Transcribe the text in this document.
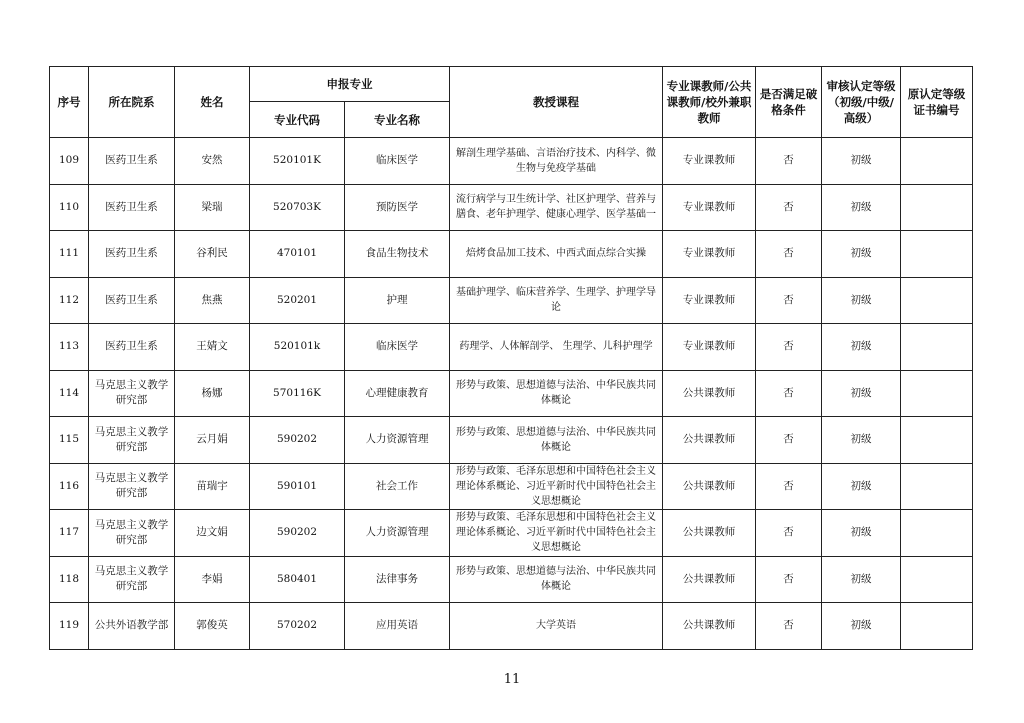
序号	所在院系	姓名	申报专业		教授课程	专业课教师/公共课教师/校外兼职教师	是否满足破格条件	审核认定等级（初级/中级/高级）	原认定等级证书编号
			专业代码	专业名称					
109	医药卫生系	安然	520101K	临床医学	解剖生理学基础、言语治疗技术、内科学、微生物与免疫学基础	专业课教师	否	初级	
110	医药卫生系	梁瑞	520703K	预防医学	流行病学与卫生统计学、社区护理学、营养与膳食、老年护理学、健康心理学、医学基础一	专业课教师	否	初级	
111	医药卫生系	谷利民	470101	食品生物技术	焙烤食品加工技术、中西式面点综合实操	专业课教师	否	初级	
112	医药卫生系	焦燕	520201	护理	基础护理学、临床营养学、生理学、护理学导论	专业课教师	否	初级	
113	医药卫生系	王婧文	520101k	临床医学	药理学、人体解剖学、 生理学、儿科护理学	专业课教师	否	初级	
114	马克思主义教学研究部	杨娜	570116K	心理健康教育	形势与政策、思想道德与法治、中华民族共同体概论	公共课教师	否	初级	
115	马克思主义教学研究部	云月娟	590202	人力资源管理	形势与政策、思想道德与法治、中华民族共同体概论	公共课教师	否	初级	
116	马克思主义教学研究部	苗瑞宇	590101	社会工作	形势与政策、毛泽东思想和中国特色社会主义理论体系概论、习近平新时代中国特色社会主义思想概论	公共课教师	否	初级	
117	马克思主义教学研究部	边文娟	590202	人力资源管理	形势与政策、毛泽东思想和中国特色社会主义理论体系概论、习近平新时代中国特色社会主义思想概论	公共课教师	否	初级	
118	马克思主义教学研究部	李娟	580401	法律事务	形势与政策、思想道德与法治、中华民族共同体概论	公共课教师	否	初级	
119	公共外语教学部	郭俊英	570202	应用英语	大学英语	公共课教师	否	初级	
11
